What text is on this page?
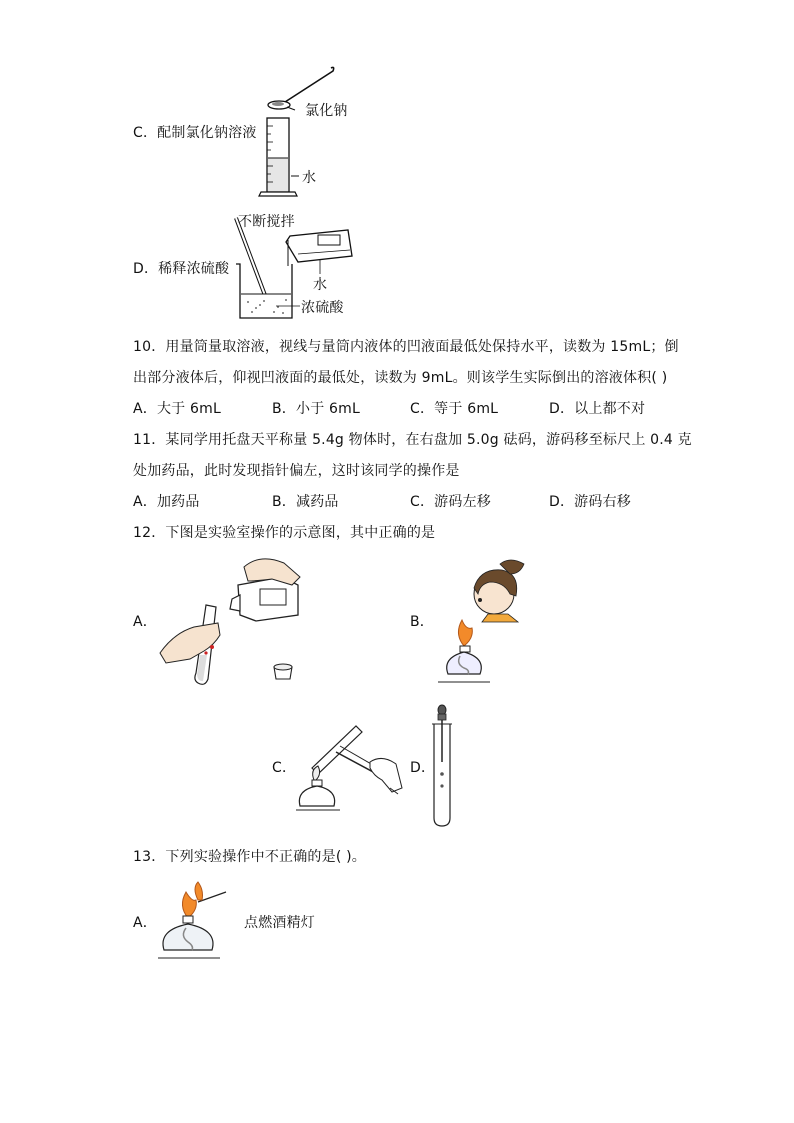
C．配制氯化钠溶液
氯化钠
水
D．稀释浓硫酸
不断搅拌
水
浓硫酸
10．用量筒量取溶液，视线与量筒内液体的凹液面最低处保持水平，读数为 15mL；倒
出部分液体后，仰视凹液面的最低处，读数为 9mL。则该学生实际倒出的溶液体积( )
A．大于 6mL	B．小于 6mL	C．等于 6mL	D．以上都不对
11．某同学用托盘天平称量 5.4g 物体时，在右盘加 5.0g 砝码，游码移至标尺上 0.4 克
处加药品，此时发现指针偏左，这时该同学的操作是
A．加药品	B．减药品	C．游码左移	D．游码右移
12．下图是实验室操作的示意图，其中正确的是
A．	B．
C．	D．
13．下列实验操作中不正确的是( )。
A．	点燃酒精灯
